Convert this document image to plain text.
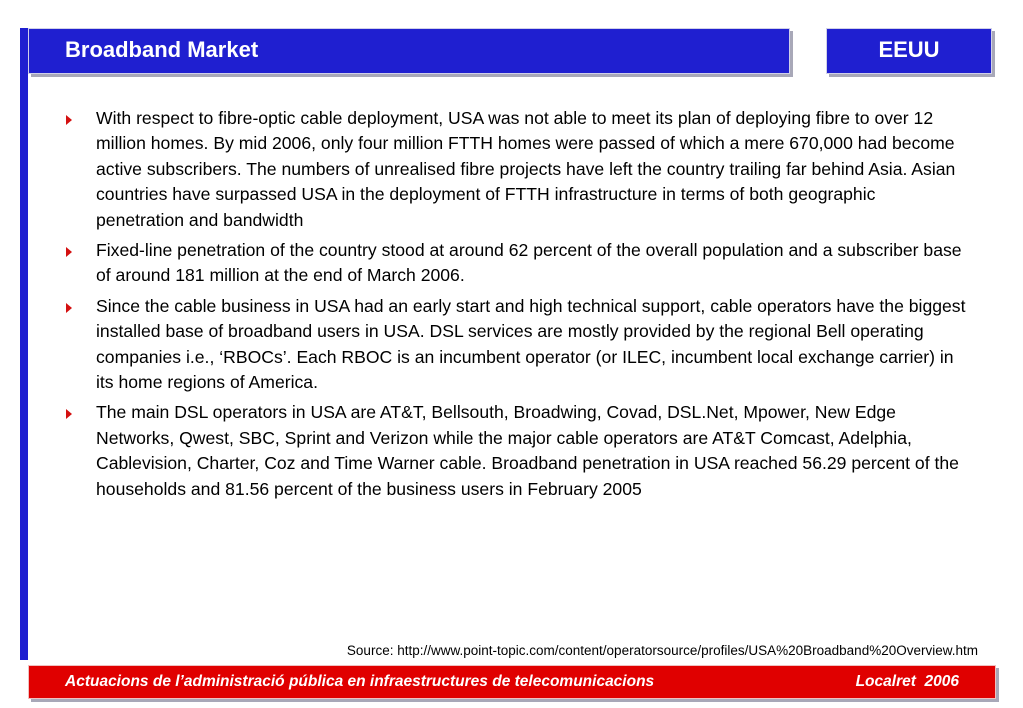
Broadband Market	EEUU
With respect to fibre-optic cable deployment, USA was not able to meet its plan of deploying fibre to over 12 million homes. By mid 2006, only four million FTTH homes were passed of which a mere 670,000 had become active subscribers. The numbers of unrealised fibre projects have left the country trailing far behind Asia. Asian countries have surpassed USA in the deployment of FTTH infrastructure in terms of both geographic penetration and bandwidth
Fixed-line penetration of the country stood at around 62 percent of the overall population and a subscriber base of around 181 million at the end of March 2006.
Since the cable business in USA had an early start and high technical support, cable operators have the biggest installed base of broadband users in USA. DSL services are mostly provided by the regional Bell operating companies i.e., ‘RBOCs’. Each RBOC is an incumbent operator (or ILEC, incumbent local exchange carrier) in its home regions of America.
The main DSL operators in USA are AT&T, Bellsouth, Broadwing, Covad, DSL.Net, Mpower, New Edge Networks, Qwest, SBC, Sprint and Verizon while the major cable operators are AT&T Comcast, Adelphia, Cablevision, Charter, Coz and Time Warner cable. Broadband penetration in USA reached 56.29 percent of the households and 81.56 percent of the business users in February 2005
Source: http://www.point-topic.com/content/operatorsource/profiles/USA%20Broadband%20Overview.htm
Actuacions de l’administració pública en infraestructures de telecomunicacions	Localret  2006
